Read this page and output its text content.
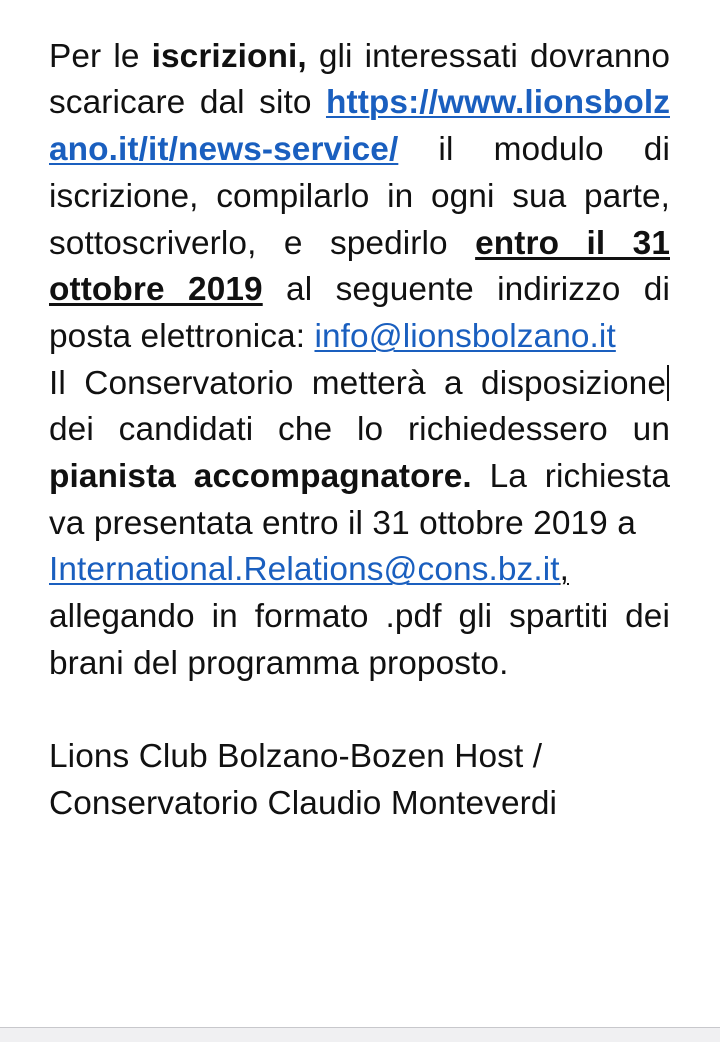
Per le iscrizioni, gli interessati dovranno scaricare dal sito https://www.lionsbolzano.it/it/news-service/ il modulo di iscrizione, compilarlo in ogni sua parte, sottoscriverlo, e spedirlo entro il 31 ottobre 2019 al seguente indirizzo di posta elettronica: info@lionsbolzano.it

Il Conservatorio metterà a disposizione dei candidati che lo richiedessero un pianista accompagnatore. La richiesta va presentata entro il 31 ottobre 2019 a

International.Relations@cons.bz.it,

allegando in formato .pdf gli spartiti dei brani del programma proposto.

Lions Club Bolzano-Bozen Host /

Conservatorio Claudio Monteverdi
